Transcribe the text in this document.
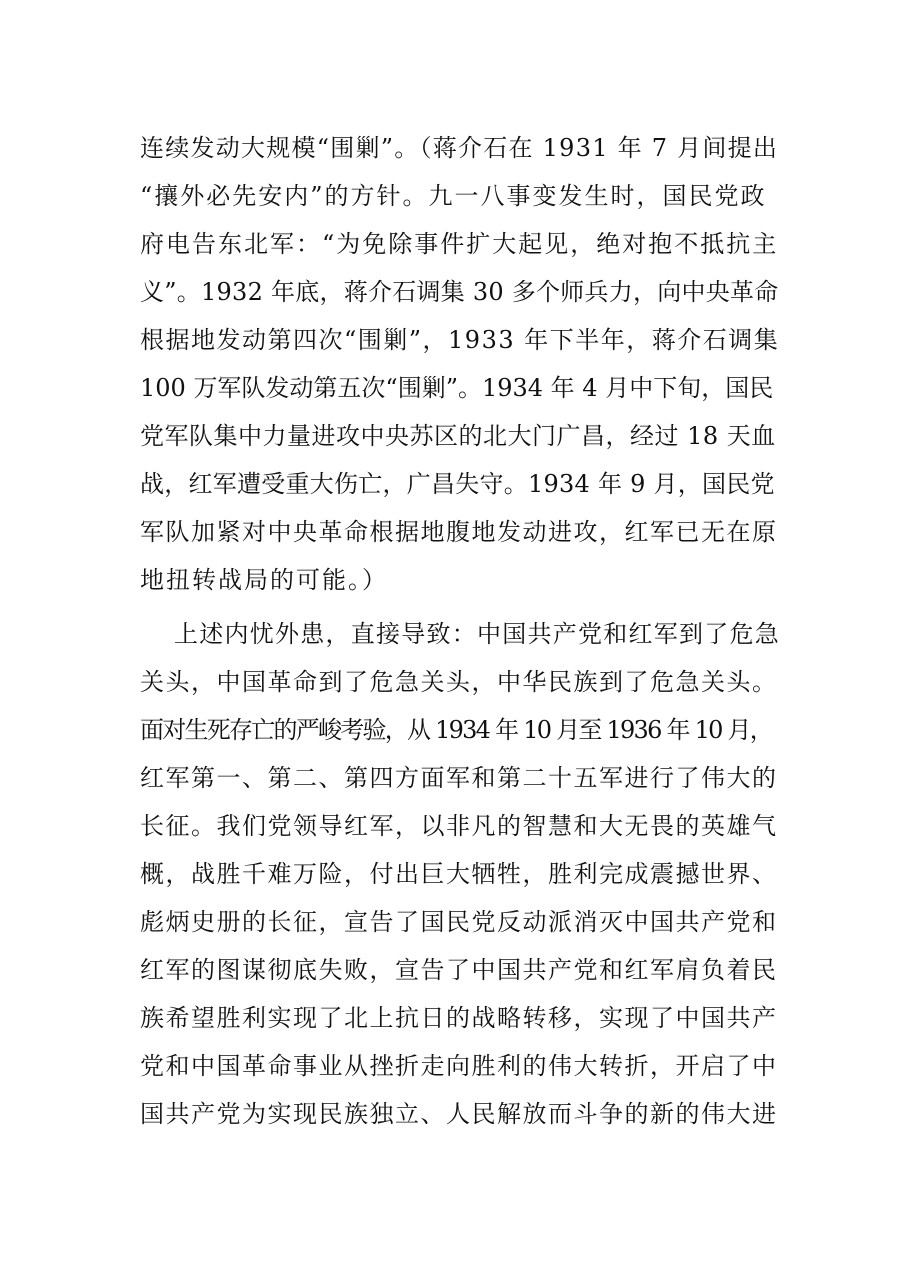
连续发动大规模“围剿”。（蒋介石在 1931 年 7 月间提出
“攘外必先安内”的方针。九一八事变发生时，国民党政
府电告东北军：“为免除事件扩大起见，绝对抱不抵抗主
义”。1932 年底，蒋介石调集 30 多个师兵力，向中央革命
根据地发动第四次“围剿”，1933 年下半年，蒋介石调集
100 万军队发动第五次“围剿”。1934 年 4 月中下旬，国民
党军队集中力量进攻中央苏区的北大门广昌，经过 18 天血
战，红军遭受重大伤亡，广昌失守。1934 年 9 月，国民党
军队加紧对中央革命根据地腹地发动进攻，红军已无在原
地扭转战局的可能。）
上述内忧外患，直接导致：中国共产党和红军到了危急
关头，中国革命到了危急关头，中华民族到了危急关头。
面对生死存亡的严峻考验，从 1934 年 10 月至 1936 年 10 月，
红军第一、第二、第四方面军和第二十五军进行了伟大的
长征。我们党领导红军，以非凡的智慧和大无畏的英雄气
概，战胜千难万险，付出巨大牺牲，胜利完成震撼世界、
彪炳史册的长征，宣告了国民党反动派消灭中国共产党和
红军的图谋彻底失败，宣告了中国共产党和红军肩负着民
族希望胜利实现了北上抗日的战略转移，实现了中国共产
党和中国革命事业从挫折走向胜利的伟大转折，开启了中
国共产党为实现民族独立、人民解放而斗争的新的伟大进
